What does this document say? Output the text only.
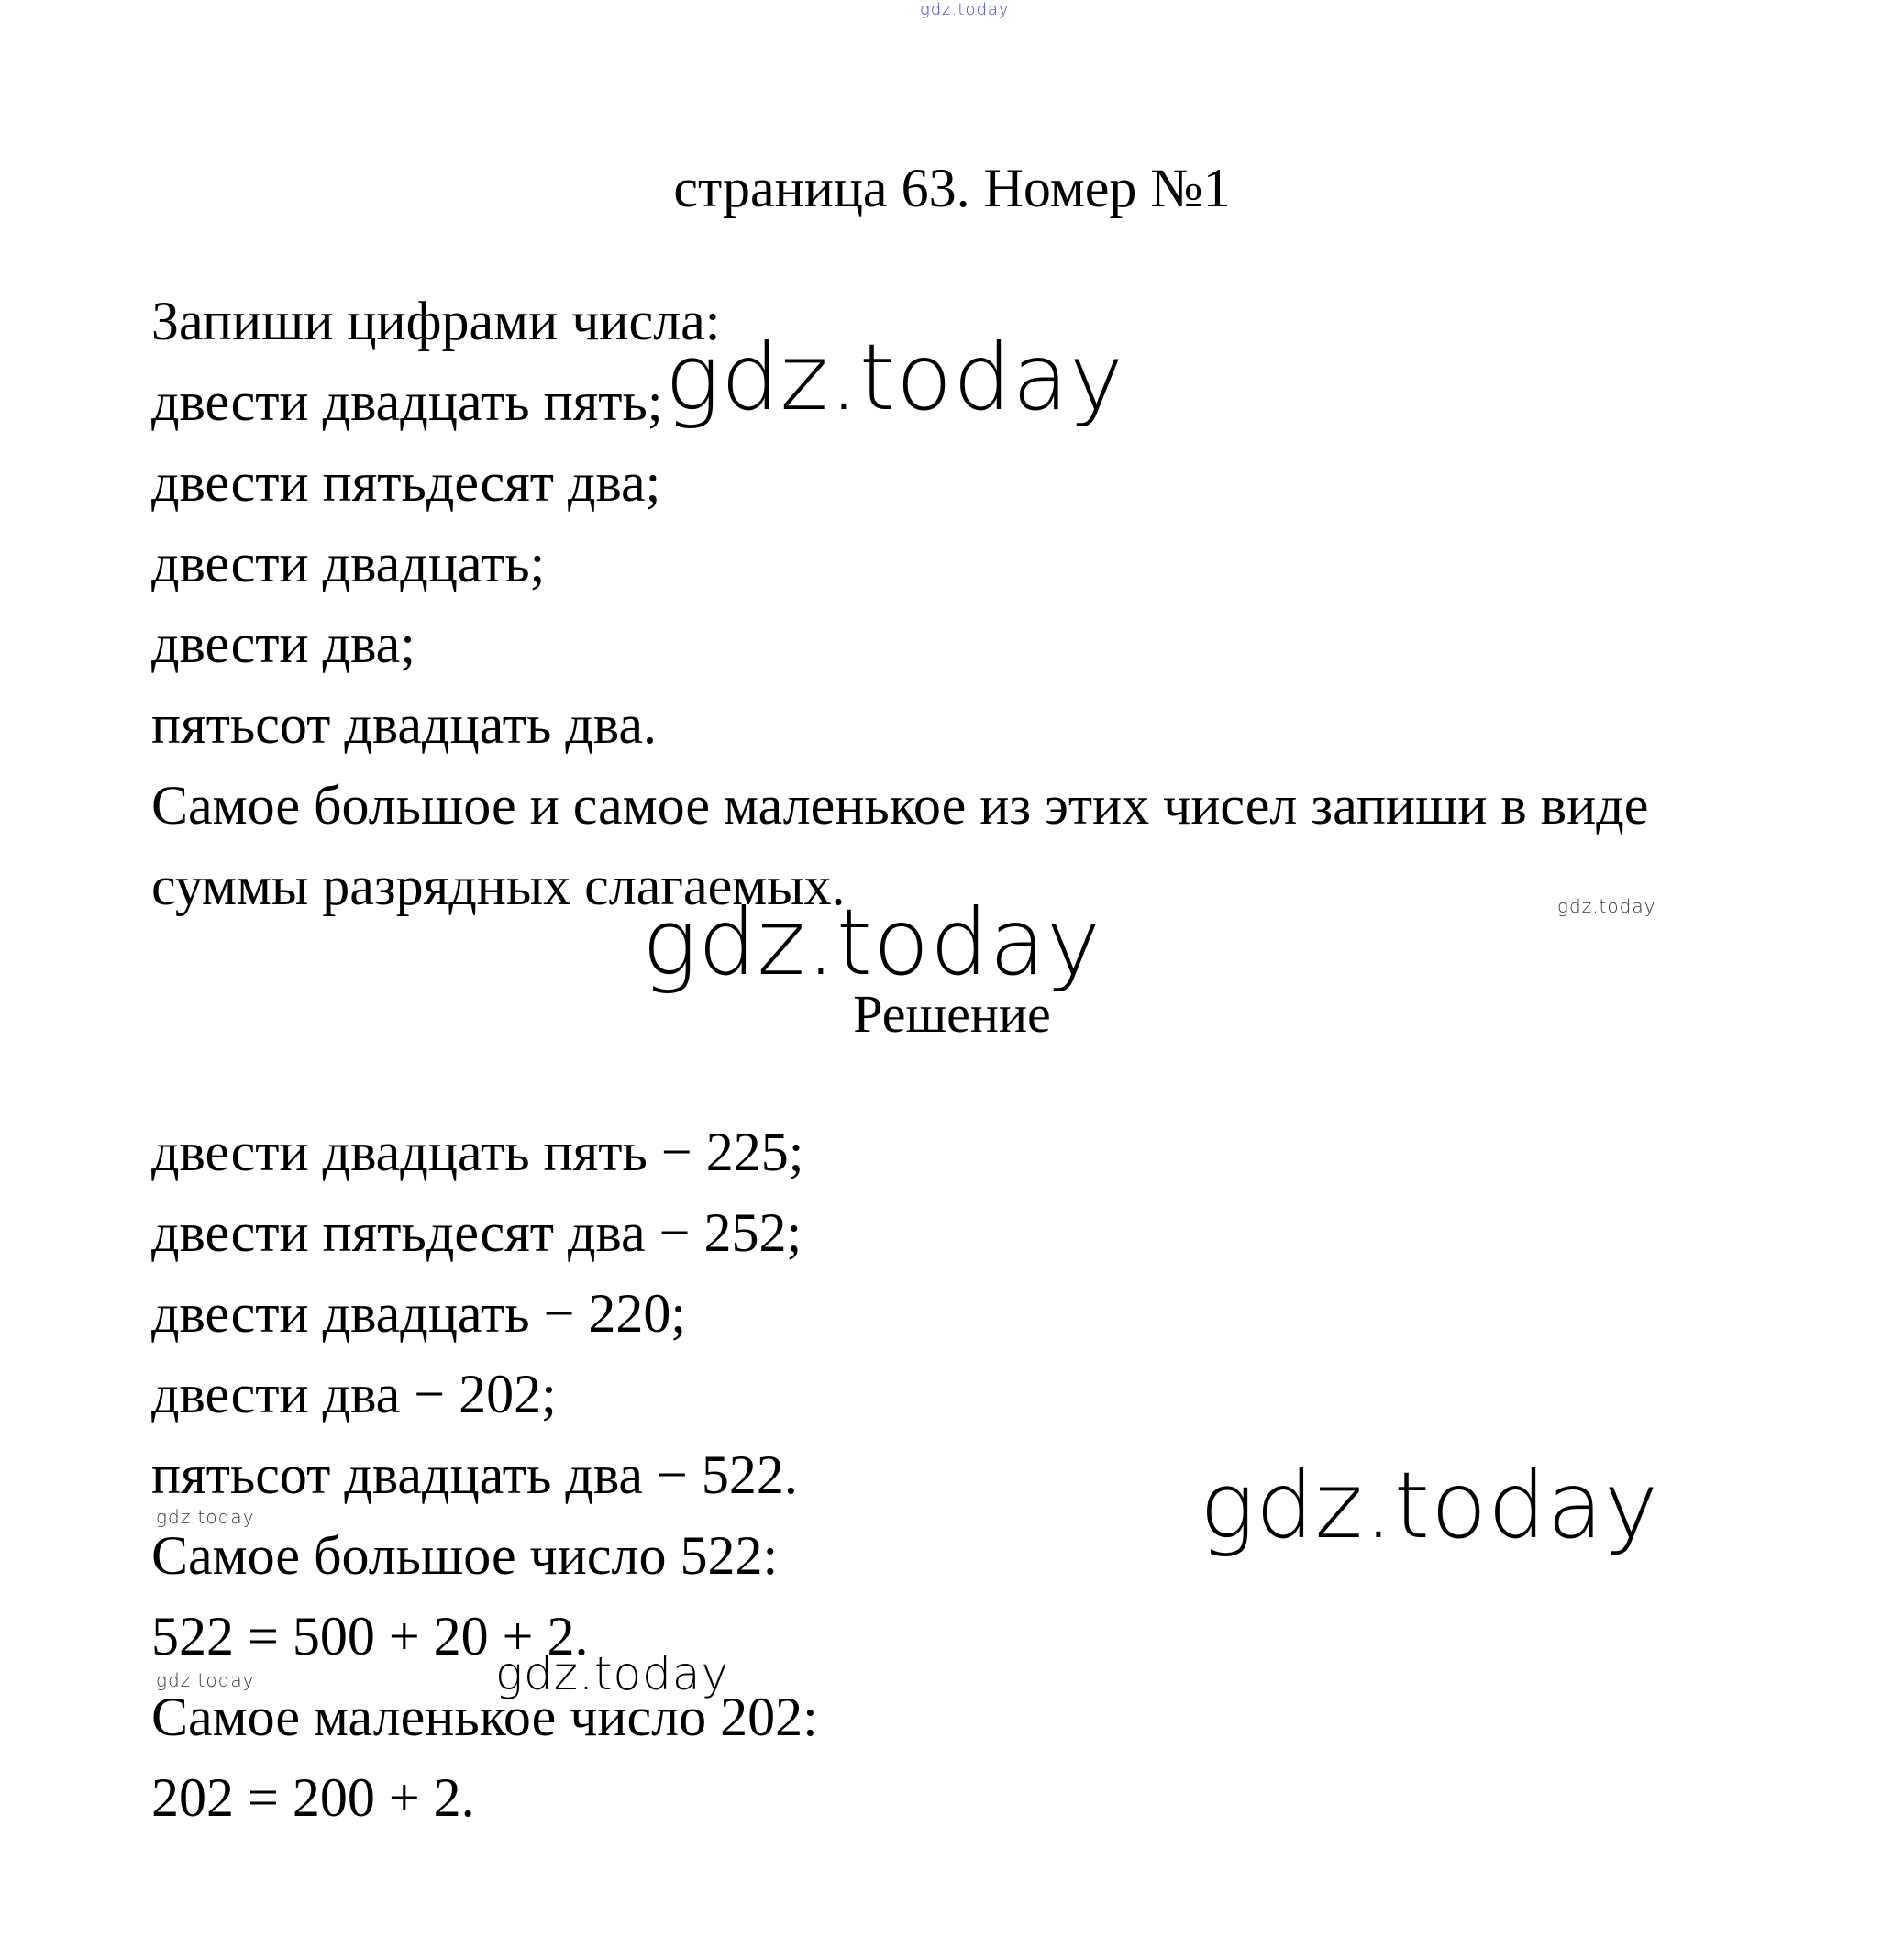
gdz.today
страница 63. Номер №1
Запиши цифрами числа:
двести двадцать пять;
двести пятьдесят два;
двести двадцать;
двести два;
пятьсот двадцать два.
Самое большое и самое маленькое из этих чисел запиши в виде
суммы разрядных слагаемых.
gdz.today
gdz.today	gdz.today
Решение
двести двадцать пять − 225;
двести пятьдесят два − 252;
двести двадцать − 220;
двести два − 202;
пятьсот двадцать два − 522.
Самое большое число 522:
522 = 500 + 20 + 2.
Самое маленькое число 202:
202 = 200 + 2.
gdz.today
gdz.today
gdz.today	gdz.today
